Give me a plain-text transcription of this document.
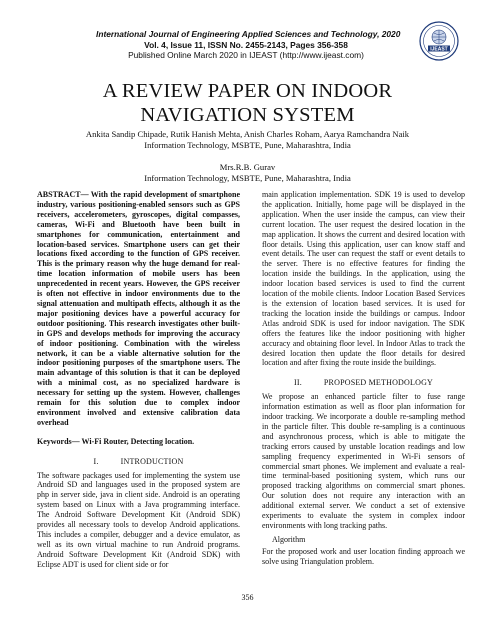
International Journal of Engineering Applied Sciences and Technology, 2020
Vol. 4, Issue 11, ISSN No. 2455-2143, Pages 356-358
Published Online March 2020 in IJEAST (http://www.ijeast.com)
IJEAST
A REVIEW PAPER ON INDOOR
NAVIGATION SYSTEM
Ankita Sandip Chipade, Rutik Hanish Mehta, Anish Charles Roham, Aarya Ramchandra Naik
Information Technology, MSBTE, Pune, Maharashtra, India
Mrs.R.B. Gurav
Information Technology, MSBTE, Pune, Maharashtra, India

ABSTRACT— With the rapid development of smartphone industry, various positioning-enabled sensors such as GPS receivers, accelerometers, gyroscopes, digital compasses, cameras, Wi-Fi and Bluetooth have been built in smartphones for communication, entertainment and location-based services. Smartphone users can get their locations fixed according to the function of GPS receiver. This is the primary reason why the huge demand for real-time location information of mobile users has been unprecedented in recent years. However, the GPS receiver is often not effective in indoor environments due to the signal attenuation and multipath effects, although it as the major positioning devices have a powerful accuracy for outdoor positioning. This research investigates other built-in GPS and develops methods for improving the accuracy of indoor positioning. Combination with the wireless network, it can be a viable alternative solution for the indoor positioning purposes of the smartphone users. The main advantage of this solution is that it can be deployed with a minimal cost, as no specialized hardware is necessary for setting up the system. However, challenges remain for this solution due to complex indoor environment involved and extensive calibration data overhead

Keywords— Wi-Fi Router, Detecting location.

I.	INTRODUCTION

The software packages used for implementing the system use Android SD and languages used in the proposed system are php in server side, java in client side. Android is an operating system based on Linux with a Java programming interface. The Android Software Development Kit (Android SDK) provides all necessary tools to develop Android applications. This includes a compiler, debugger and a device emulator, as well as its own virtual machine to run Android programs. Android Software Development Kit (Android SDK) with Eclipse ADT is used for client side or for

main application implementation. SDK 19 is used to develop the application. Initially, home page will be displayed in the application. When the user inside the campus, can view their current location. The user request the desired location in the map application. It shows the current and desired location with floor details. Using this application, user can know staff and event details. The user can request the staff or event details to the server. There is no effective features for finding the location inside the buildings. In the application, using the indoor location based services is used to find the current location of the mobile clients. Indoor Location Based Services is the extension of location based services. It is used for tracking the location inside the buildings or campus. Indoor Atlas android SDK is used for indoor navigation. The SDK offers the features like the indoor positioning with higher accuracy and obtaining floor level. In Indoor Atlas to track the desired location then update the floor details for desired location and after fixing the route inside the buildings.

II.	PROPOSED METHODOLOGY

We propose an enhanced particle filter to fuse range information estimation as well as floor plan information for indoor tracking. We incorporate a double re-sampling method in the particle filter. This double re-sampling is a continuous and asynchronous process, which is able to mitigate the tracking errors caused by unstable location readings and low sampling frequency experimented in Wi-Fi sensors of commercial smart phones. We implement and evaluate a real-time terminal-based positioning system, which runs our proposed tracking algorithms on commercial smart phones. Our solution does not require any interaction with an additional external server. We conduct a set of extensive experiments to evaluate the system in complex indoor environments with long tracking paths.

Algorithm

For the proposed work and user location finding approach we solve using Triangulation problem.

356
